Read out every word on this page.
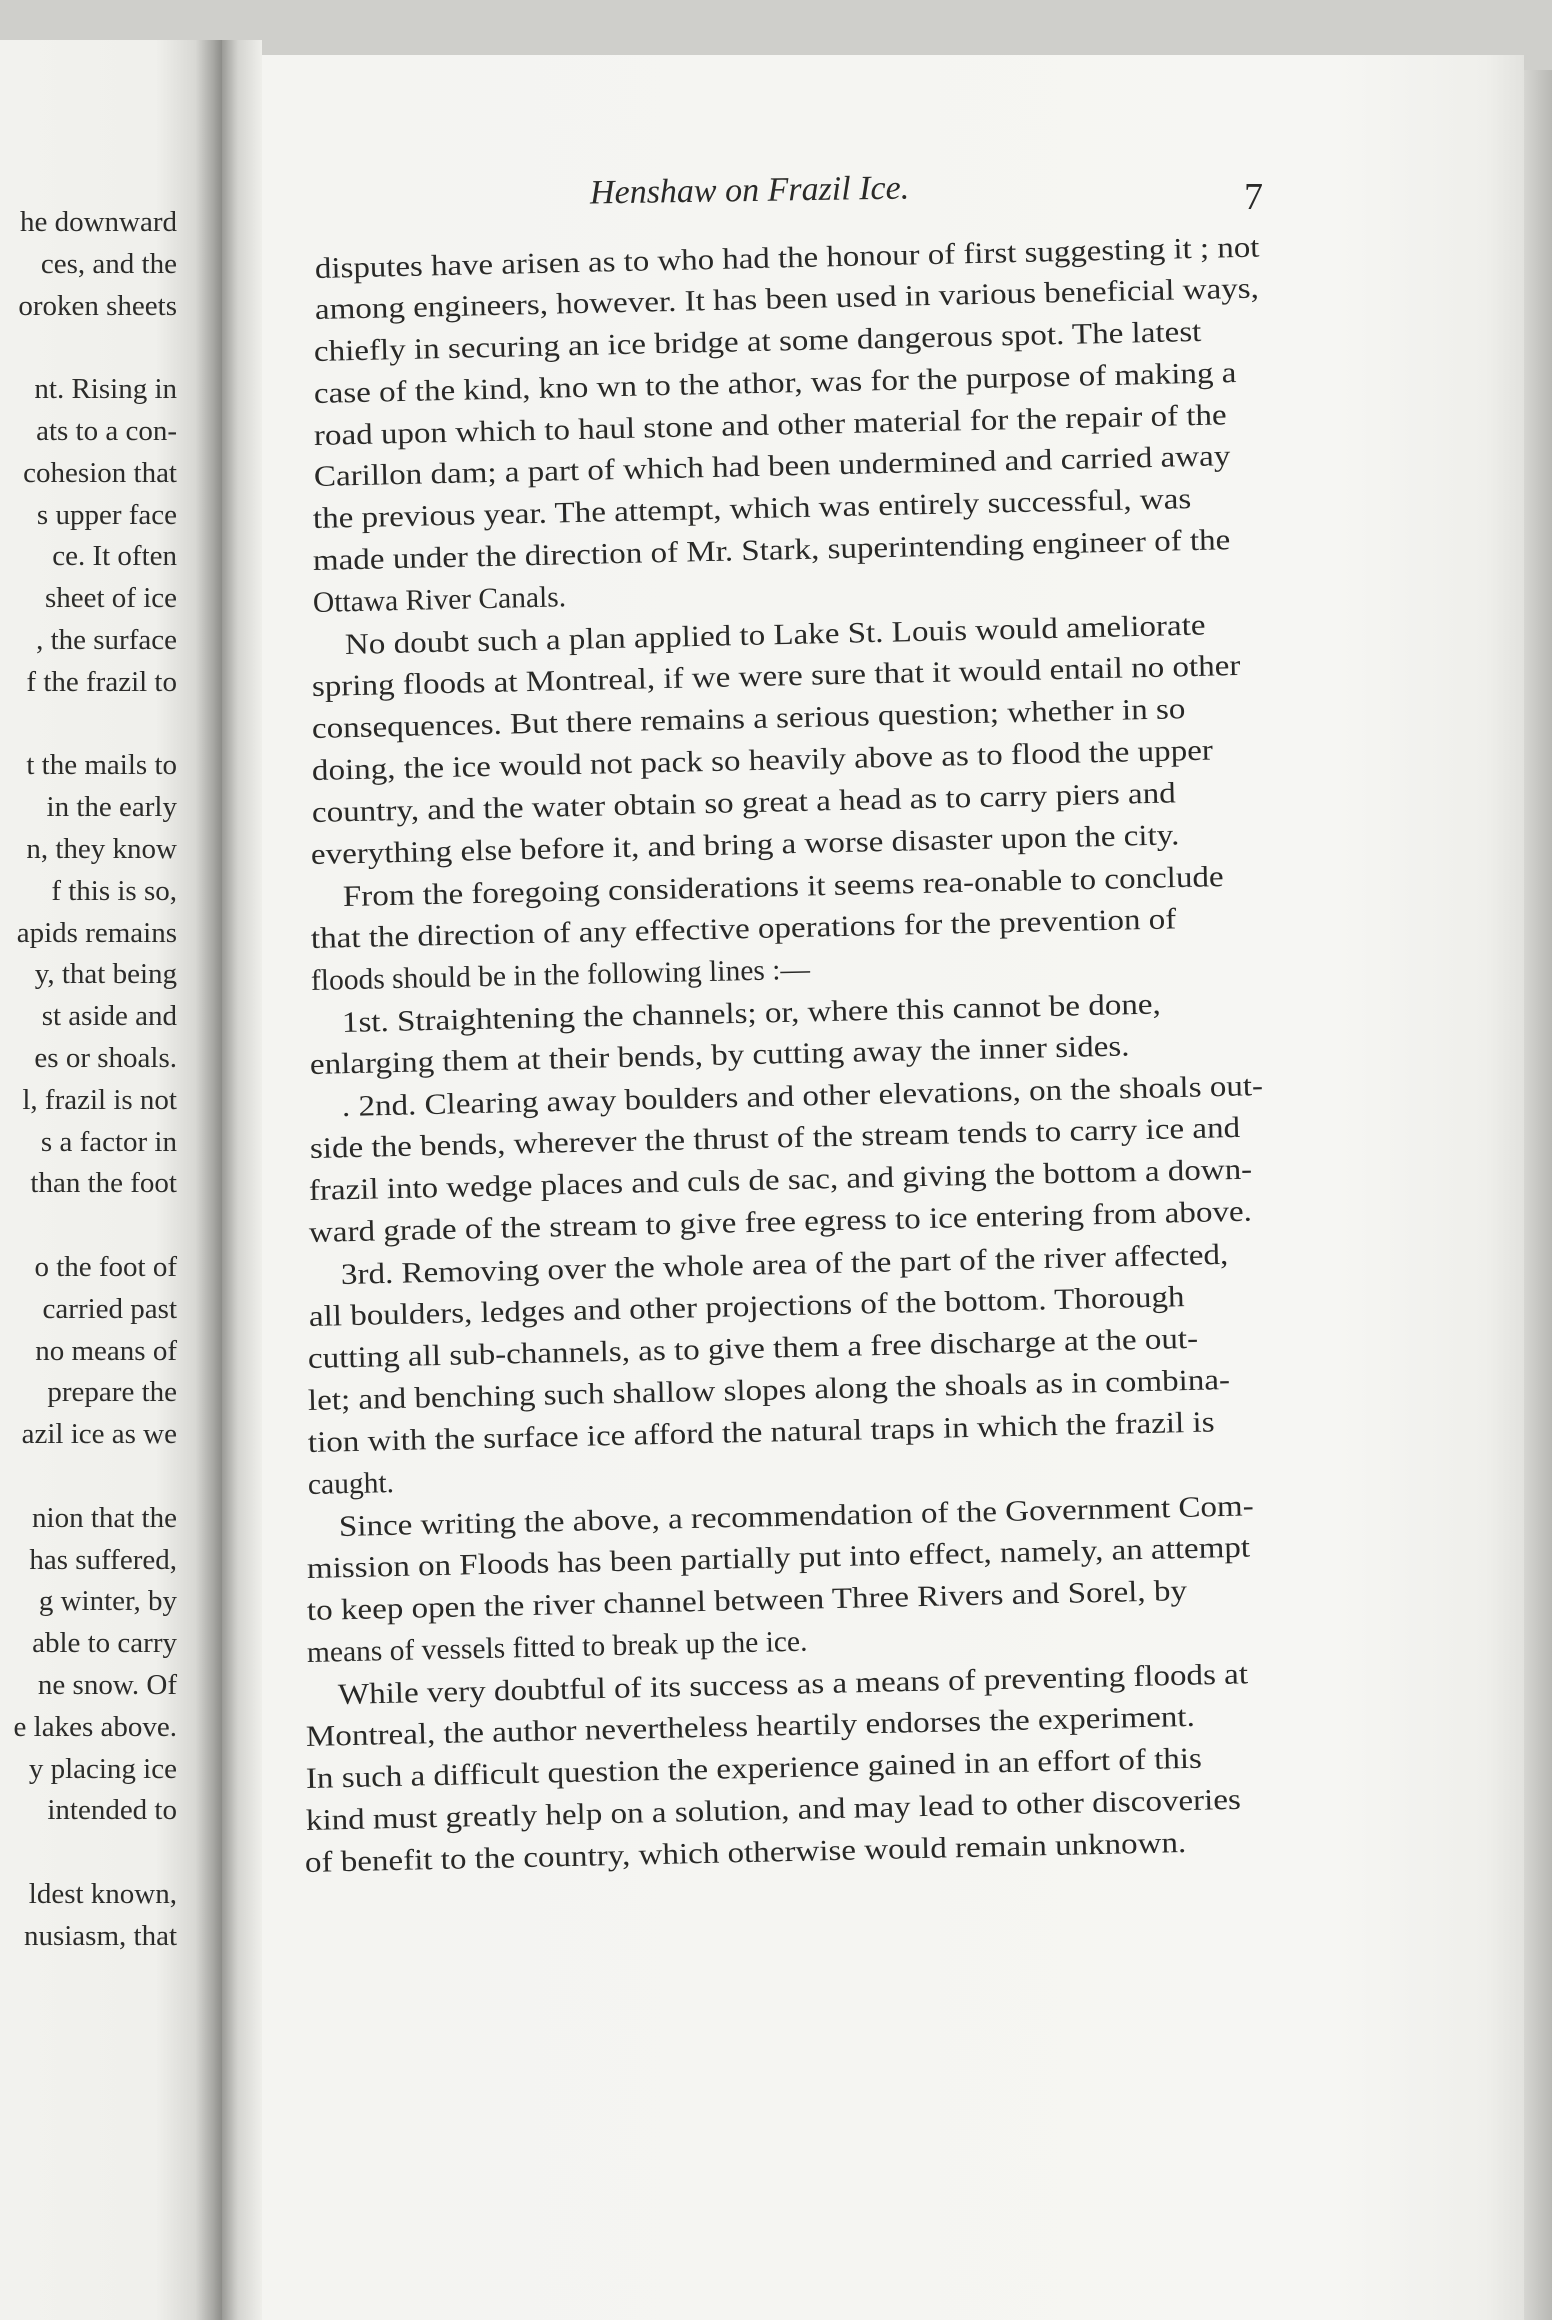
he downward
ces, and the
oroken sheets
nt. Rising in
ats to a con-
cohesion that
s upper face
ce. It often
sheet of ice
, the surface
f the frazil to
t the mails to
in the early
n, they know
f this is so,
apids remains
y, that being
st aside and
es or shoals.
l, frazil is not
s a factor in
than the foot
o the foot of
carried past
no means of
prepare the
azil ice as we
nion that the
has suffered,
g winter, by
able to carry
ne snow. Of
e lakes above.
y placing ice
intended to
ldest known,
nusiasm, that
Henshaw on Frazil Ice.	7
disputes have arisen as to who had the honour of first suggesting it ; not
among engineers, however. It has been used in various beneficial ways,
chiefly in securing an ice bridge at some dangerous spot. The latest
case of the kind, kno wn to the athor, was for the purpose of making a
road upon which to haul stone and other material for the repair of the
Carillon dam; a part of which had been undermined and carried away
the previous year. The attempt, which was entirely successful, was
made under the direction of Mr. Stark, superintending engineer of the
Ottawa River Canals.
No doubt such a plan applied to Lake St. Louis would ameliorate
spring floods at Montreal, if we were sure that it would entail no other
consequences. But there remains a serious question; whether in so
doing, the ice would not pack so heavily above as to flood the upper
country, and the water obtain so great a head as to carry piers and
everything else before it, and bring a worse disaster upon the city.
From the foregoing considerations it seems rea-onable to conclude
that the direction of any effective operations for the prevention of
floods should be in the following lines :—
1st. Straightening the channels; or, where this cannot be done,
enlarging them at their bends, by cutting away the inner sides.
. 2nd. Clearing away boulders and other elevations, on the shoals out-
side the bends, wherever the thrust of the stream tends to carry ice and
frazil into wedge places and culs de sac, and giving the bottom a down-
ward grade of the stream to give free egress to ice entering from above.
3rd. Removing over the whole area of the part of the river affected,
all boulders, ledges and other projections of the bottom. Thorough
cutting all sub-channels, as to give them a free discharge at the out-
let; and benching such shallow slopes along the shoals as in combina-
tion with the surface ice afford the natural traps in which the frazil is
caught.
Since writing the above, a recommendation of the Government Com-
mission on Floods has been partially put into effect, namely, an attempt
to keep open the river channel between Three Rivers and Sorel, by
means of vessels fitted to break up the ice.
While very doubtful of its success as a means of preventing floods at
Montreal, the author nevertheless heartily endorses the experiment.
In such a difficult question the experience gained in an effort of this
kind must greatly help on a solution, and may lead to other discoveries
of benefit to the country, which otherwise would remain unknown.
